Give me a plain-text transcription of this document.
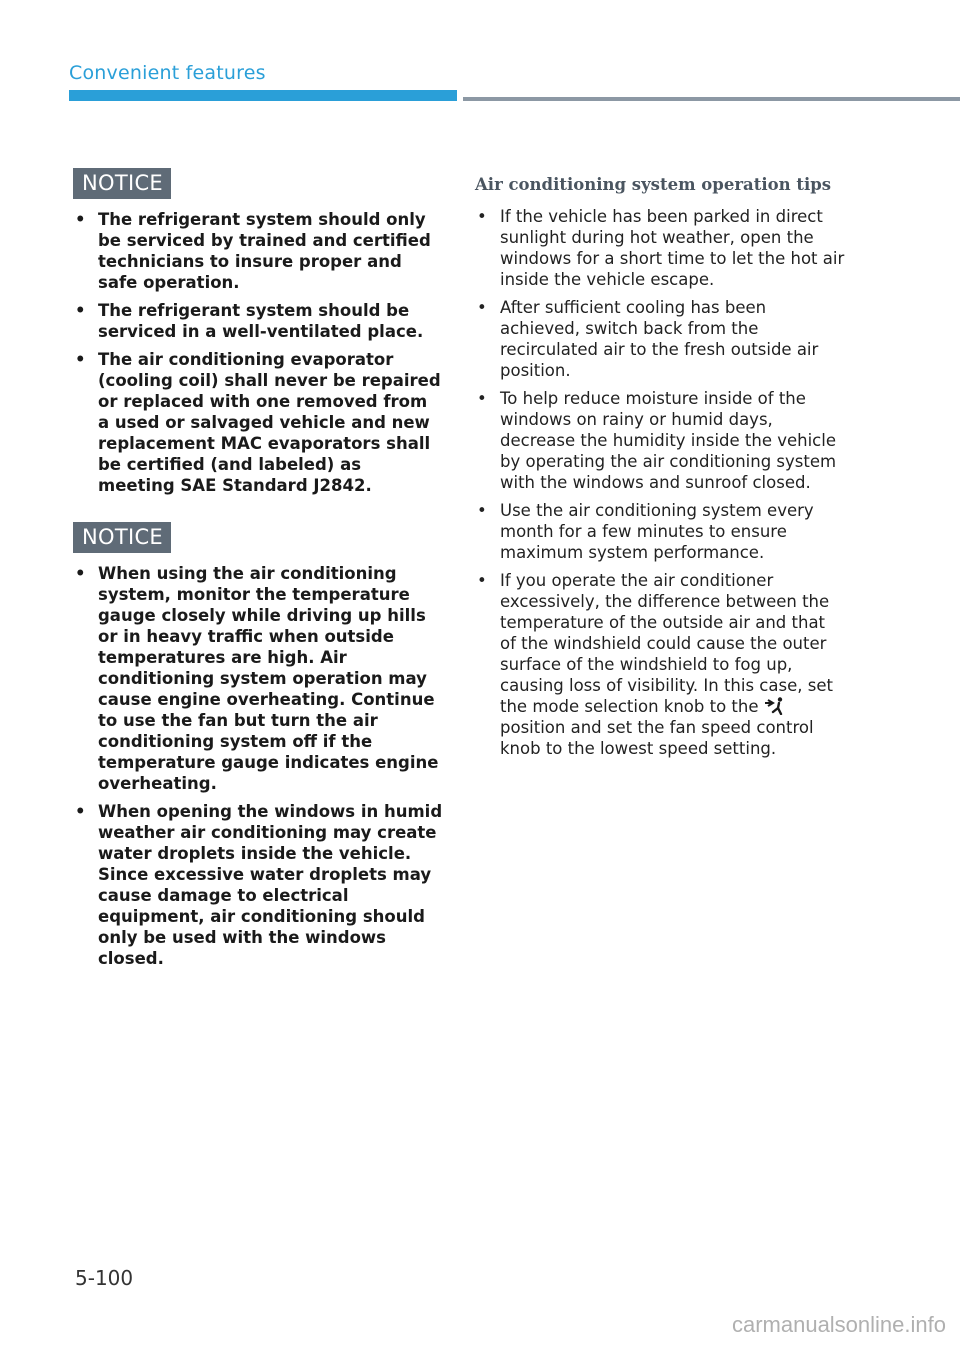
Convenient features
NOTICE
• The refrigerant system should only be serviced by trained and certified technicians to insure proper and safe operation.
• The refrigerant system should be serviced in a well-ventilated place.
• The air conditioning evaporator (cooling coil) shall never be repaired or replaced with one removed from a used or salvaged vehicle and new replacement MAC evaporators shall be certified (and labeled) as meeting SAE Standard J2842.
NOTICE
• When using the air conditioning system, monitor the temperature gauge closely while driving up hills or in heavy traffic when outside temperatures are high. Air conditioning system operation may cause engine overheating. Continue to use the fan but turn the air conditioning system off if the temperature gauge indicates engine overheating.
• When opening the windows in humid weather air conditioning may create water droplets inside the vehicle. Since excessive water droplets may cause damage to electrical equipment, air conditioning should only be used with the windows closed.
Air conditioning system operation tips
• If the vehicle has been parked in direct sunlight during hot weather, open the windows for a short time to let the hot air inside the vehicle escape.
• After sufficient cooling has been achieved, switch back from the recirculated air to the fresh outside air position.
• To help reduce moisture inside of the windows on rainy or humid days, decrease the humidity inside the vehicle by operating the air conditioning system with the windows and sunroof closed.
• Use the air conditioning system every month for a few minutes to ensure maximum system performance.
• If you operate the air conditioner excessively, the difference between the temperature of the outside air and that of the windshield could cause the outer surface of the windshield to fog up, causing loss of visibility. In this case, set the mode selection knob to the  position and set the fan speed control knob to the lowest speed setting.
5-100
carmanualsonline.info
